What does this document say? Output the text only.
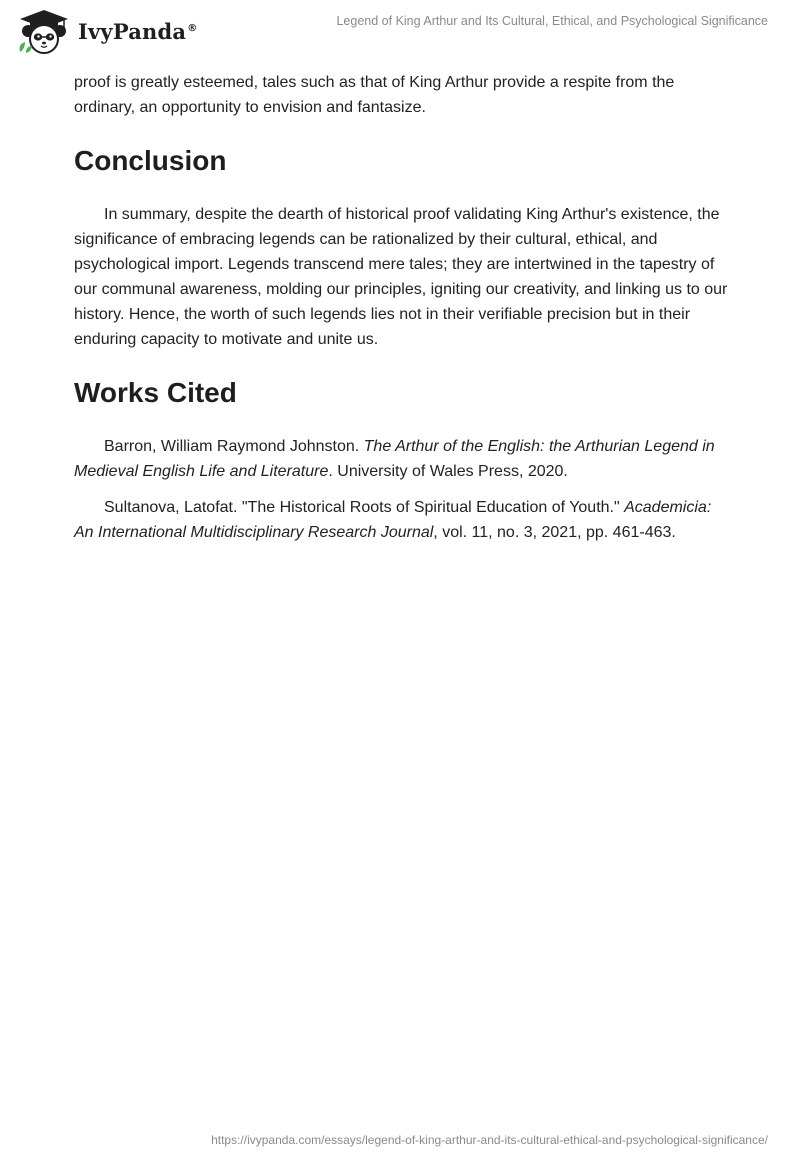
IvyPanda®	Legend of King Arthur and Its Cultural, Ethical, and Psychological Significance

proof is greatly esteemed, tales such as that of King Arthur provide a respite from the ordinary, an opportunity to envision and fantasize.

Conclusion

In summary, despite the dearth of historical proof validating King Arthur's existence, the significance of embracing legends can be rationalized by their cultural, ethical, and psychological import. Legends transcend mere tales; they are intertwined in the tapestry of our communal awareness, molding our principles, igniting our creativity, and linking us to our history. Hence, the worth of such legends lies not in their verifiable precision but in their enduring capacity to motivate and unite us.

Works Cited

Barron, William Raymond Johnston. The Arthur of the English: the Arthurian Legend in Medieval English Life and Literature. University of Wales Press, 2020.

Sultanova, Latofat. "The Historical Roots of Spiritual Education of Youth." Academicia: An International Multidisciplinary Research Journal, vol. 11, no. 3, 2021, pp. 461-463.

https://ivypanda.com/essays/legend-of-king-arthur-and-its-cultural-ethical-and-psychological-significance/
